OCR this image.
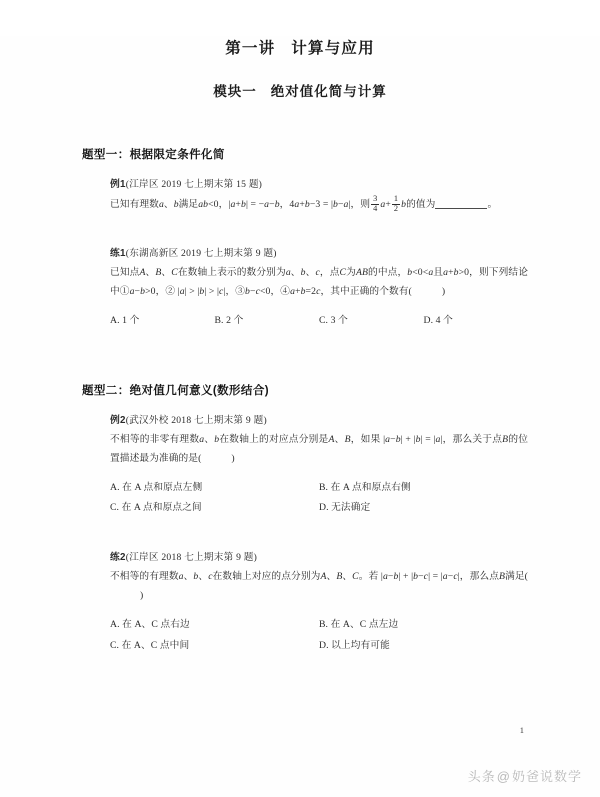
第一讲 计算与应用
模块一 绝对值化简与计算
题型一：根据限定条件化简
例1(江岸区 2019 七上期末第 15 题)
已知有理数a、b满足ab<0，|a+b| = −a−b，4a+b−3 = |b−a|，则 $\frac{3}{4} a+ \frac{1}{2}$ b的值为	。
练1(东湖高新区 2019 七上期末第 9 题)
已知点A、B、C在数轴上表示的数分别为a、b、c，点C为AB的中点，b<0<a且a+b>0，则下列结论中①a−b>0，② |a| > |b| > |c|，③b−c<0，④a+b=2c，其中正确的个数有(	)
A. 1 个	B. 2 个	C. 3 个	D. 4 个
题型二：绝对值几何意义(数形结合)
例2(武汉外校 2018 七上期末第 9 题)
不相等的非零有理数a、b在数轴上的对应点分别是A、B，如果 |a−b| + |b| = |a|，那么关于点B的位置描述最为准确的是(	)
A. 在 A 点和原点左侧	B. 在 A 点和原点右侧
C. 在 A 点和原点之间	D. 无法确定
练2(江岸区 2018 七上期末第 9 题)
不相等的有理数a、b、c在数轴上对应的点分别为A、B、C。若 |a−b| + |b−c| = |a−c|，那么点B满足()
A. 在 A、C 点右边	B. 在 A、C 点左边
C. 在 A、C 点中间	D. 以上均有可能
1
头条@奶爸说数学
